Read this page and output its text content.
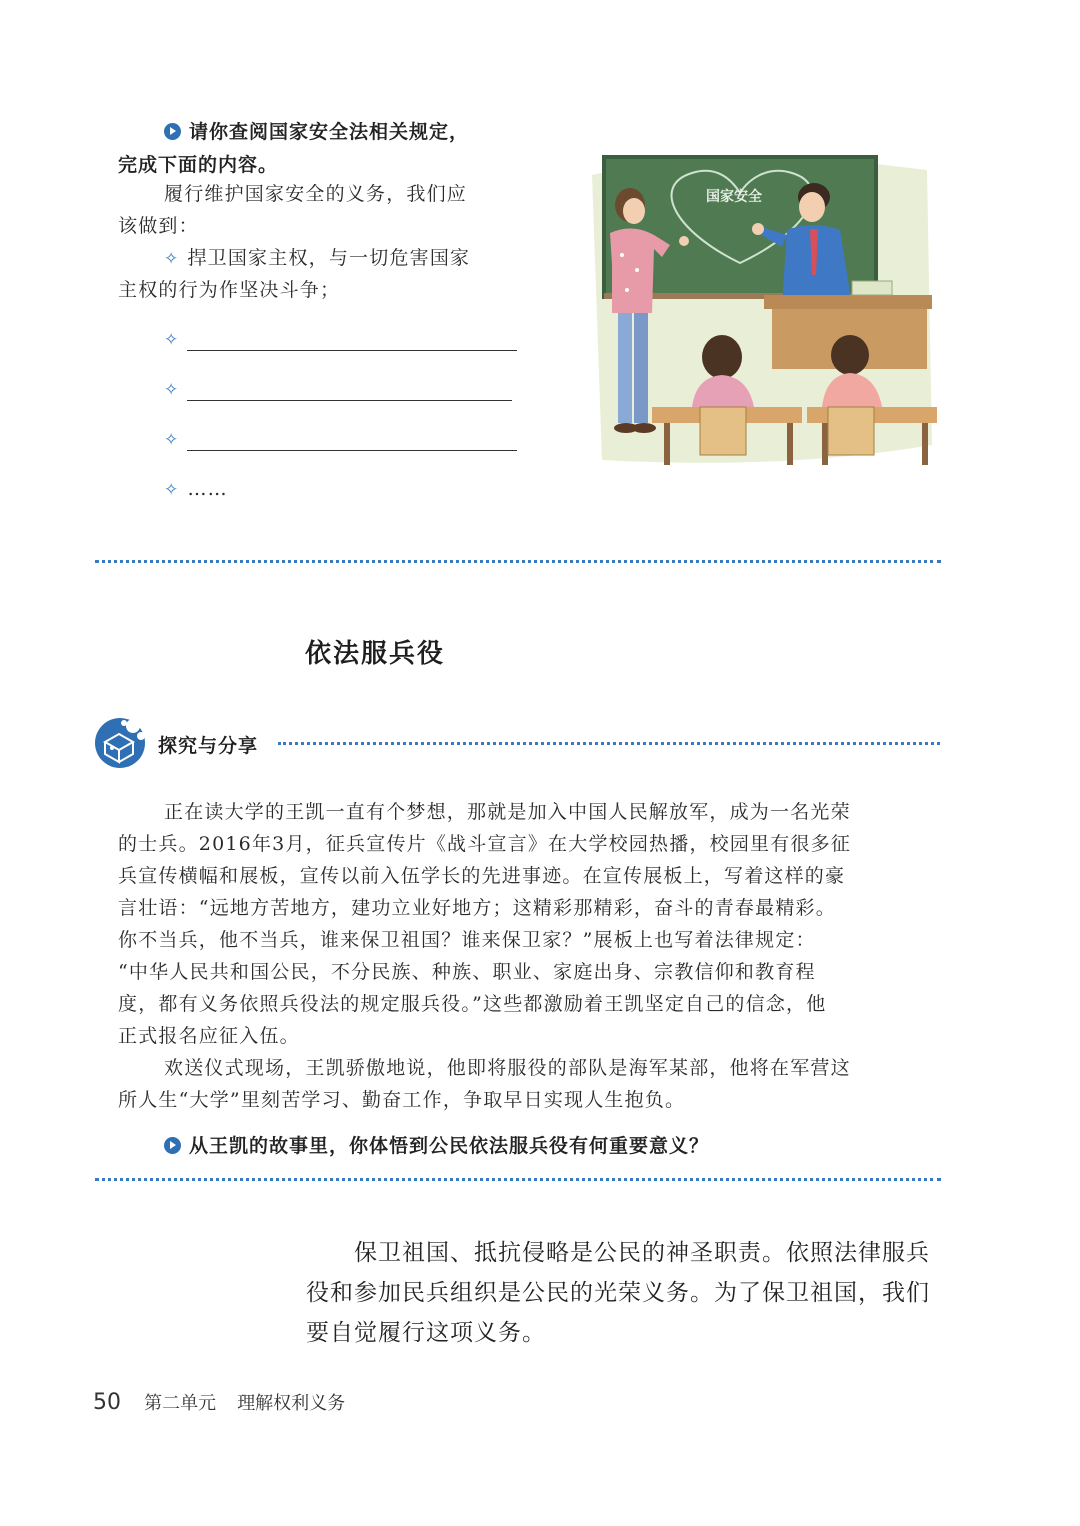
请你查阅国家安全法相关规定，
完成下面的内容。
履行维护国家安全的义务，我们应
该做到：
✧ 捍卫国家主权，与一切危害国家
主权的行为作坚决斗争；
✧
✧
✧
✧ ……
国家安全
依法服兵役
探究与分享
正在读大学的王凯一直有个梦想，那就是加入中国人民解放军，成为一名光荣
的士兵。2016年3月，征兵宣传片《战斗宣言》在大学校园热播，校园里有很多征
兵宣传横幅和展板，宣传以前入伍学长的先进事迹。在宣传展板上，写着这样的豪
言壮语：“远地方苦地方，建功立业好地方；这精彩那精彩，奋斗的青春最精彩。
你不当兵，他不当兵，谁来保卫祖国？谁来保卫家？”展板上也写着法律规定：
“中华人民共和国公民，不分民族、种族、职业、家庭出身、宗教信仰和教育程
度，都有义务依照兵役法的规定服兵役。”这些都激励着王凯坚定自己的信念，他
正式报名应征入伍。
欢送仪式现场，王凯骄傲地说，他即将服役的部队是海军某部，他将在军营这
所人生“大学”里刻苦学习、勤奋工作，争取早日实现人生抱负。
从王凯的故事里，你体悟到公民依法服兵役有何重要意义？
保卫祖国、抵抗侵略是公民的神圣职责。依照法律服兵
役和参加民兵组织是公民的光荣义务。为了保卫祖国，我们
要自觉履行这项义务。
50 第二单元 理解权利义务
